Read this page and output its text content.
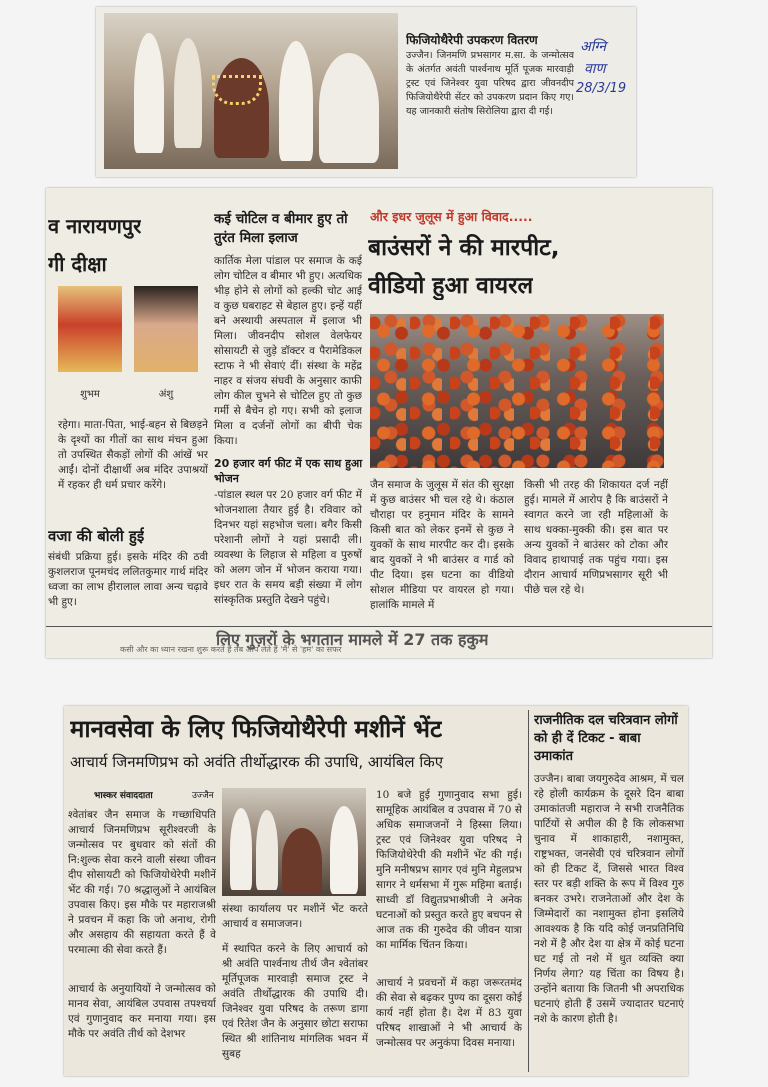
फिजियोथैरेपी उपकरण वितरण
उज्जैन। जिनमणि प्रभसागर म.सा. के जन्मोत्सव के अंतर्गत अवंती पार्श्वनाथ मूर्ति पूजक मारवाड़ी ट्रस्ट एवं जिनेश्वर युवा परिषद द्वारा जीवनदीप फिजियोथैरेपी सेंटर को उपकरण प्रदान किए गए। यह जानकारी संतोष सिरोलिया द्वारा दी गई।
अग्नि
वाण
28/3/19
व नारायणपुर
गी दीक्षा
शुभम	अंशु
रहेगा। माता-पिता, भाई-बहन से बिछड़ने के दृश्यों का गीतों का साथ मंचन हुआ तो उपस्थित सैकड़ों लोगों की आंखें भर आईं। दोनों दीक्षार्थी अब मंदिर उपाश्रयों में रहकर ही धर्म प्रचार करेंगे।
वजा की बोली हुई
संबंधी प्रक्रिया हुई। इसके मंदिर की ठवी कुशलराज पूनमचंद ललितकुमार गार्थ मंदिर ध्वजा का लाभ हीरालाल लावा अन्य चढ़ावे भी हुए।
कई चोटिल व बीमार हुए तो तुरंत मिला इलाज
कार्तिक मेला पांडाल पर समाज के कई लोग चोटिल व बीमार भी हुए। अत्यधिक भीड़ होने से लोगों को हल्की चोट आई व कुछ घबराहट से बेहाल हुए। इन्हें यहीं बने अस्थायी अस्पताल में इलाज भी मिला। जीवनदीप सोशल वेलफेयर सोसायटी से जुड़े डॉक्टर व पैरामेडिकल स्टाफ ने भी सेवाएं दीं। संस्था के महेंद्र नाहर व संजय संघवी के अनुसार काफी लोग कील चुभने से चोटिल हुए तो कुछ गर्मी से बैचेन हो गए। सभी को इलाज मिला व दर्जनों लोगों का बीपी चेक किया।
20 हजार वर्ग फीट में एक साथ हुआ भोजन
-पांडाल स्थल पर 20 हजार वर्ग फीट में भोजनशाला तैयार हुई है। रविवार को दिनभर यहां सहभोज चला। बगैर किसी परेशानी लोगों ने यहां प्रसादी ली। व्यवस्था के लिहाज से महिला व पुरुषों को अलग जोन में भोजन कराया गया। इधर रात के समय बड़ी संख्या में लोग सांस्कृतिक प्रस्तुति देखने पहुंचे।
और इधर जुलूस में हुआ विवाद.....
बाउंसरों ने की मारपीट,
वीडियो हुआ वायरल
जैन समाज के जुलूस में संत की सुरक्षा में कुछ बाउंसर भी चल रहे थे। कंठाल चौराहा पर हनुमान मंदिर के सामने किसी बात को लेकर इनमें से कुछ ने युवकों के साथ मारपीट कर दी। इसके बाद युवकों ने भी बाउंसर व गार्ड को पीट दिया। इस घटना का वीडियो सोशल मीडिया पर वायरल हो गया। हालांकि मामले में
किसी भी तरह की शिकायत दर्ज नहीं हुई। मामले में आरोप है कि बाउंसरों ने स्वागत करने जा रही महिलाओं के साथ धक्का-मुक्की की। इस बात पर अन्य युवकों ने बाउंसर को टोका और विवाद हाथापाई तक पहुंच गया। इस दौरान आचार्य मणिप्रभसागर सूरी भी पीछे चल रहे थे।
लिए गुज़रों के भगतान मामले में 27 तक हकुम
कसी और का ध्यान रखना शुरू करते हैं तब आप लेते हैं 'मैं' से 'हम' का सफर
मानवसेवा के लिए फिजियोथैरेपी मशीनें भेंट
आचार्य जिनमणिप्रभ को अवंति तीर्थोद्धारक की उपाधि, आयंबिल किए
भास्कर संवाददाता	उज्जैन
श्वेतांबर जैन समाज के गच्छाधिपति आचार्य जिनमणिप्रभ सूरीश्वरजी के जन्मोत्सव पर बुधवार को संतों की नि:शुल्क सेवा करने वाली संस्था जीवन दीप सोसायटी को फिजियोथेरेपी मशीनें भेंट की गई। 70 श्रद्धालुओं ने आयंबिल उपवास किए। इस मौके पर महाराजश्री ने प्रवचन में कहा कि जो अनाथ, रोगी और असहाय की सहायता करते हैं वे परमात्मा की सेवा करते हैं।
आचार्य के अनुयायियों ने जन्मोत्सव को मानव सेवा, आयंबिल उपवास तपश्चर्या एवं गुणानुवाद कर मनाया गया। इस मौके पर अवंति तीर्थ को देशभर
संस्था कार्यालय पर मशीनें भेंट करते आचार्य व समाजजन।
में स्थापित करने के लिए आचार्य को श्री अवंति पार्श्वनाथ तीर्थ जैन श्वेतांबर मूर्तिपूजक मारवाड़ी समाज ट्रस्ट ने अवंति तीर्थोद्धारक की उपाधि दी। जिनेश्वर युवा परिषद के तरूण डागा एवं रितेश जैन के अनुसार छोटा सराफा स्थित श्री शांतिनाथ मांगलिक भवन में सुबह
10 बजे हुई गुणानुवाद सभा हुई। सामूहिक आयंबिल व उपवास में 70 से अधिक समाजजनों ने हिस्सा लिया। ट्रस्ट एवं जिनेश्वर युवा परिषद ने फिजियोथेरेपी की मशीनें भेंट की गई। मुनि मनीषप्रभ सागर एवं मुनि मेहुलप्रभ सागर ने धर्मसभा में गुरू महिमा बताई। साध्वी डॉ विद्युतप्रभाश्रीजी ने अनेक घटनाओं को प्रस्तुत करते हुए बचपन से आज तक की गुरुदेव की जीवन यात्रा का मार्मिक चिंतन किया।
आचार्य ने प्रवचनों में कहा जरूरतमंद की सेवा से बढ़कर पुण्य का दूसरा कोई कार्य नहीं होता है। देश में 83 युवा परिषद शाखाओं ने भी आचार्य के जन्मोत्सव पर अनुकंपा दिवस मनाया।
राजनीतिक दल चरित्रवान लोगों को ही दें टिकट - बाबा उमाकांत
उज्जैन। बाबा जयगुरुदेव आश्रम, में चल रहे होली कार्यक्रम के दूसरे दिन बाबा उमाकांतजी महाराज ने सभी राजनैतिक पार्टियों से अपील की है कि लोकसभा चुनाव में शाकाहारी, नशामुक्त, राष्ट्रभक्त, जनसेवी एवं चरित्रवान लोगों को ही टिकट दें, जिससे भारत विश्व स्तर पर बड़ी शक्ति के रूप में विश्व गुरु बनकर उभरे। राजनेताओं और देश के जिम्मेदारों का नशामुक्त होना इसलिये आवश्यक है कि यदि कोई जनप्रतिनिधि नशे में है और देश या क्षेत्र में कोई घटना घट गई तो नशे में धुत व्यक्ति क्या निर्णय लेगा? यह चिंता का विषय है। उन्होंने बताया कि जितनी भी अपराधिक घटनाएं होती हैं उसमें ज्यादातर घटनाएं नशे के कारण होती है।
